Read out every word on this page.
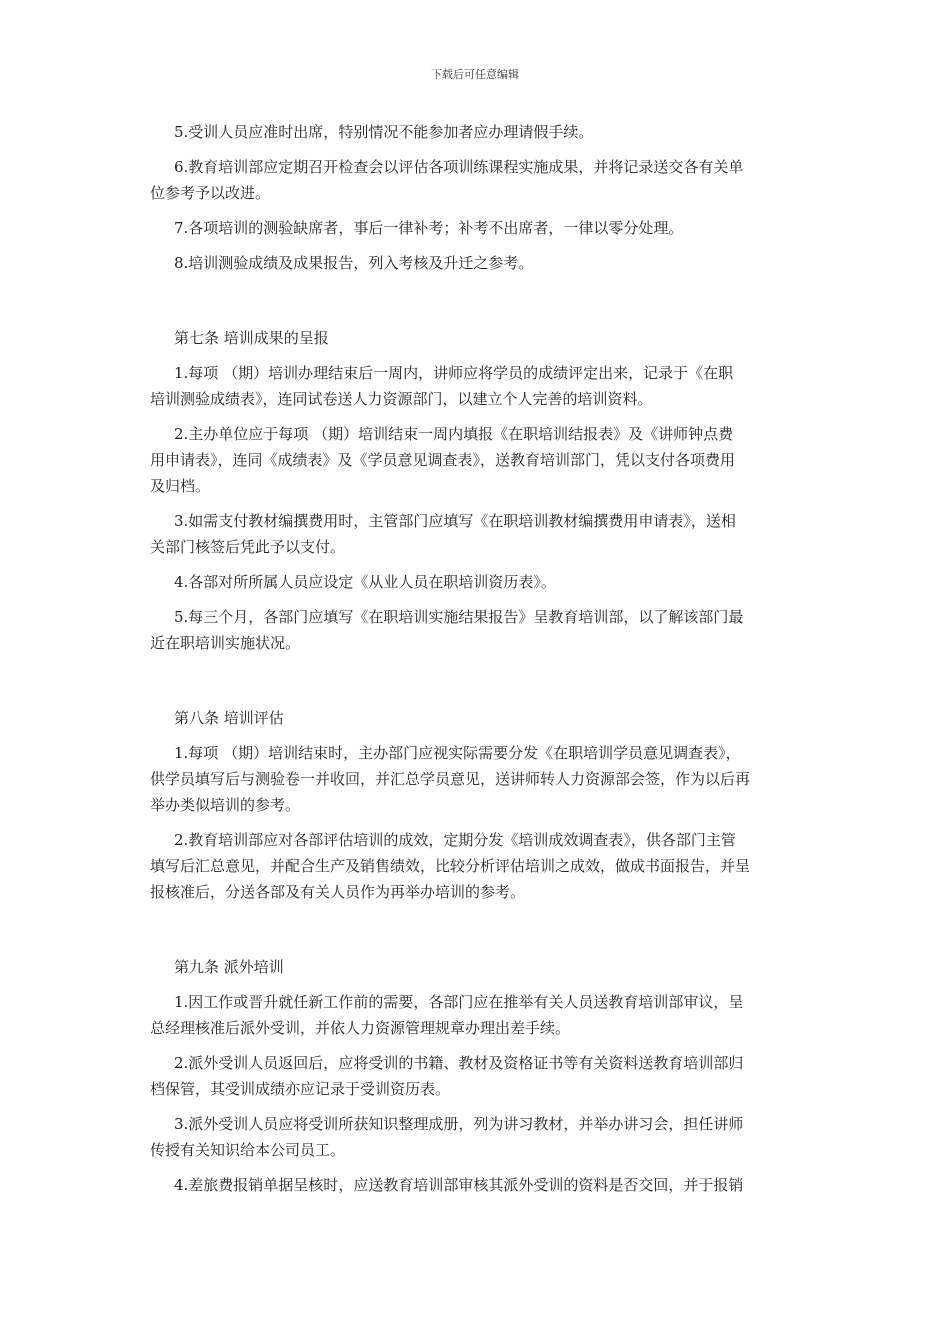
下载后可任意编辑

5.受训人员应准时出席，特别情况不能参加者应办理请假手续。

6.教育培训部应定期召开检查会以评估各项训练课程实施成果，并将记录送交各有关单
位参考予以改进。

7.各项培训的测验缺席者，事后一律补考；补考不出席者，一律以零分处理。

8.培训测验成绩及成果报告，列入考核及升迁之参考。

第七条 培训成果的呈报

1.每项 （期）培训办理结束后一周内，讲师应将学员的成绩评定出来，记录于《在职
培训测验成绩表》，连同试卷送人力资源部门，以建立个人完善的培训资料。

2.主办单位应于每项 （期）培训结束一周内填报《在职培训结报表》及《讲师钟点费
用申请表》，连同《成绩表》及《学员意见调查表》，送教育培训部门，凭以支付各项费用
及归档。

3.如需支付教材编撰费用时，主管部门应填写《在职培训教材编撰费用申请表》，送相
关部门核签后凭此予以支付。

4.各部对所所属人员应设定《从业人员在职培训资历表》。

5.每三个月，各部门应填写《在职培训实施结果报告》呈教育培训部，以了解该部门最
近在职培训实施状况。

第八条 培训评估

1.每项 （期）培训结束时，主办部门应视实际需要分发《在职培训学员意见调查表》，
供学员填写后与测验卷一并收回，并汇总学员意见，送讲师转人力资源部会签，作为以后再
举办类似培训的参考。

2.教育培训部应对各部评估培训的成效，定期分发《培训成效调查表》，供各部门主管
填写后汇总意见，并配合生产及销售绩效，比较分析评估培训之成效，做成书面报告，并呈
报核准后，分送各部及有关人员作为再举办培训的参考。

第九条 派外培训

1.因工作或晋升就任新工作前的需要，各部门应在推举有关人员送教育培训部审议，呈
总经理核准后派外受训，并依人力资源管理规章办理出差手续。

2.派外受训人员返回后，应将受训的书籍、教材及资格证书等有关资料送教育培训部归
档保管，其受训成绩亦应记录于受训资历表。

3.派外受训人员应将受训所获知识整理成册，列为讲习教材，并举办讲习会，担任讲师
传授有关知识给本公司员工。

4.差旅费报销单据呈核时，应送教育培训部审核其派外受训的资料是否交回，并于报销
